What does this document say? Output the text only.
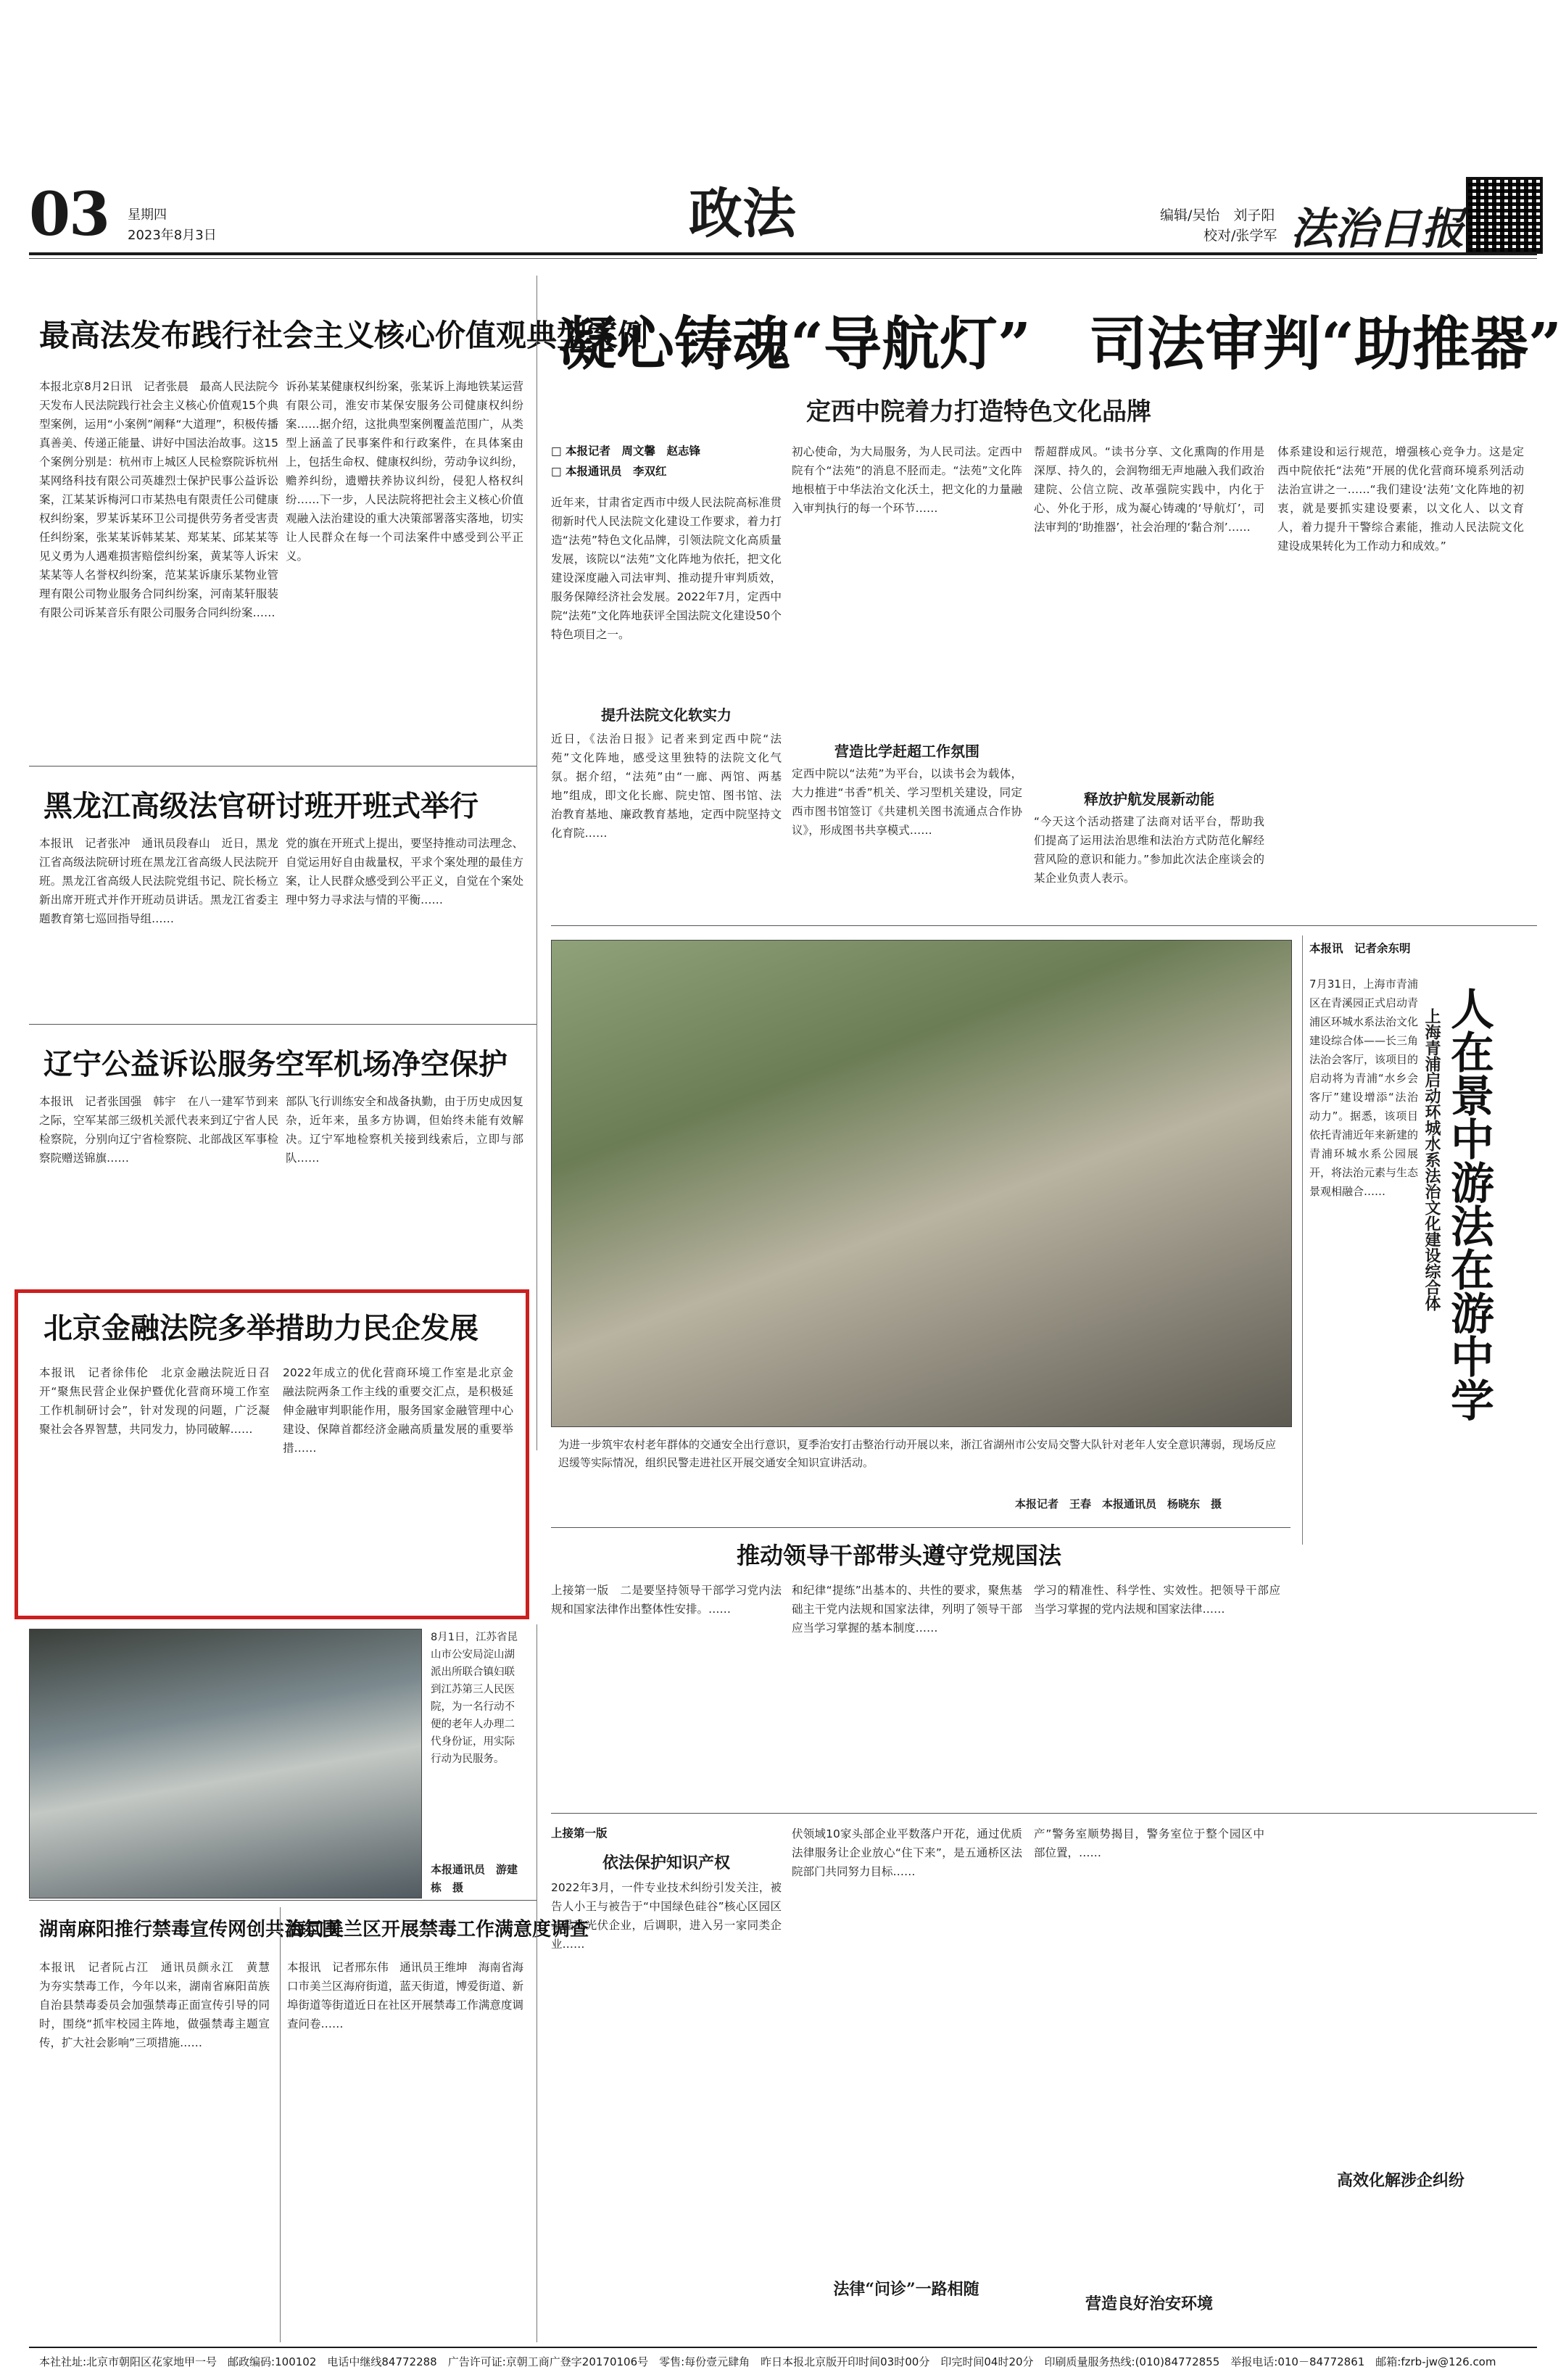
03 星期四
2023年8月3日	政法	编辑/吴怡　刘子阳
校对/张学军 法治日报
最高法发布践行社会主义核心价值观典型案例
本报北京8月2日讯　记者张晨　最高人民法院今天发布人民法院践行社会主义核心价值观15个典型案例，运用“小案例”阐释“大道理”，积极传播真善美、传递正能量、讲好中国法治故事。这15个案例分别是：杭州市上城区人民检察院诉杭州某网络科技有限公司英雄烈士保护民事公益诉讼案，江某某诉梅河口市某热电有限责任公司健康权纠纷案，罗某诉某环卫公司提供劳务者受害责任纠纷案，张某某诉韩某某、郑某某、邱某某等见义勇为人遇难损害赔偿纠纷案，黄某等人诉宋某某等人名誉权纠纷案，范某某诉康乐某物业管理有限公司物业服务合同纠纷案，河南某轩服装有限公司诉某音乐有限公司服务合同纠纷案……
诉孙某某健康权纠纷案，张某诉上海地铁某运营有限公司，淮安市某保安服务公司健康权纠纷案……据介绍，这批典型案例覆盖范围广，从类型上涵盖了民事案件和行政案件，在具体案由上，包括生命权、健康权纠纷，劳动争议纠纷，赡养纠纷，遗赠扶养协议纠纷，侵犯人格权纠纷……下一步，人民法院将把社会主义核心价值观融入法治建设的重大决策部署落实落地，切实让人民群众在每一个司法案件中感受到公平正义。
凝心铸魂“导航灯”　司法审判“助推器”
定西中院着力打造特色文化品牌
□ 本报记者　周文馨　赵志锋
□ 本报通讯员　李双红
近年来，甘肃省定西市中级人民法院高标准贯彻新时代人民法院文化建设工作要求，着力打造“法苑”特色文化品牌，引领法院文化高质量发展，该院以“法苑”文化阵地为依托，把文化建设深度融入司法审判、推动提升审判质效，服务保障经济社会发展。2022年7月，定西中院“法苑”文化阵地获评全国法院文化建设50个特色项目之一。
提升法院文化软实力
近日，《法治日报》记者来到定西中院“法苑”文化阵地，感受这里独特的法院文化气氛。据介绍，“法苑”由“一廊、两馆、两基地”组成，即文化长廊、院史馆、图书馆、法治教育基地、廉政教育基地，定西中院坚持文化育院……
初心使命，为大局服务，为人民司法。定西中院有个“法苑”的消息不胫而走。“法苑”文化阵地根植于中华法治文化沃土，把文化的力量融入审判执行的每一个环节……
营造比学赶超工作氛围
定西中院以“法苑”为平台，以读书会为载体，大力推进“书香”机关、学习型机关建设，同定西市图书馆签订《共建机关图书流通点合作协议》，形成图书共享模式……
帮超群成风。“读书分享、文化熏陶的作用是深厚、持久的，会润物细无声地融入我们政治建院、公信立院、改革强院实践中，内化于心、外化于形，成为凝心铸魂的‘导航灯’，司法审判的‘助推器’，社会治理的‘黏合剂’……
释放护航发展新动能
“今天这个活动搭建了法商对话平台，帮助我们提高了运用法治思维和法治方式防范化解经营风险的意识和能力。”参加此次法企座谈会的某企业负责人表示。
体系建设和运行规范，增强核心竞争力。这是定西中院依托“法苑”开展的优化营商环境系列活动法治宣讲之一……“我们建设‘法苑’文化阵地的初衷，就是要抓实建设要素，以文化人、以文育人，着力提升干警综合素能，推动人民法院文化建设成果转化为工作动力和成效。”
黑龙江高级法官研讨班开班式举行
本报讯　记者张冲　通讯员段春山　近日，黑龙江省高级法院研讨班在黑龙江省高级人民法院开班。黑龙江省高级人民法院党组书记、院长杨立新出席开班式并作开班动员讲话。黑龙江省委主题教育第七巡回指导组……
党的旗在开班式上提出，要坚持推动司法理念、自觉运用好自由裁量权，平求个案处理的最佳方案，让人民群众感受到公平正义，自觉在个案处理中努力寻求法与情的平衡……
辽宁公益诉讼服务空军机场净空保护
本报讯　记者张国强　韩宇　在八一建军节到来之际，空军某部三级机关派代表来到辽宁省人民检察院，分别向辽宁省检察院、北部战区军事检察院赠送锦旗……
部队飞行训练安全和战备执勤，由于历史成因复杂，近年来，虽多方协调，但始终未能有效解决。辽宁军地检察机关接到线索后，立即与部队……
北京金融法院多举措助力民企发展
本报讯　记者徐伟伦　北京金融法院近日召开“聚焦民营企业保护暨优化营商环境工作室工作机制研讨会”，针对发现的问题，广泛凝聚社会各界智慧，共同发力，协同破解……
2022年成立的优化营商环境工作室是北京金融法院两条工作主线的重要交汇点，是积极延伸金融审判职能作用，服务国家金融管理中心建设、保障首都经济金融高质量发展的重要举措……	为进一步筑牢农村老年群体的交通安全出行意识，夏季治安打击整治行动开展以来，浙江省湖州市公安局交警大队针对老年人安全意识薄弱，现场反应迟缓等实际情况，组织民警走进社区开展交通安全知识宣讲活动。
本报记者　王春　本报通讯员　杨晓东　摄
本报讯　记者余东明
7月31日，上海市青浦区在青溪园正式启动青浦区环城水系法治文化建设综合体——长三角法治会客厅，该项目的启动将为青浦“水乡会客厅”建设增添“法治动力”。据悉，该项目依托青浦近年来新建的青浦环城水系公园展开，将法治元素与生态景观相融合……	人在景中游法在游中学
上海青浦启动环城水系法治文化建设综合体
推动领导干部带头遵守党规国法
上接第一版　二是要坚持领导干部学习党内法规和国家法律作出整体性安排。……
和纪律“提练”出基本的、共性的要求，聚焦基础主干党内法规和国家法律，列明了领导干部应当学习掌握的基本制度……
学习的精准性、科学性、实效性。把领导干部应当学习掌握的党内法规和国家法律……
8月1日，江苏省昆山市公安局淀山湖派出所联合镇妇联到江苏第三人民医院，为一名行动不便的老年人办理二代身份证，用实际行动为民服务。
本报通讯员　游建栋　摄
上接第一版
依法保护知识产权
2022年3月，一件专业技术纠纷引发关注，被告人小王与被告于“中国绿色硅谷”核心区园区某晶硅光伏企业，后调职，进入另一家同类企业……
伏领域10家头部企业平数落户开花，通过优质法律服务让企业放心“住下来”，是五通桥区法院部门共同努力目标……
法律“问诊”一路相随
产”警务室顺势揭目，警务室位于整个园区中部位置，……
营造良好治安环境
高效化解涉企纠纷
湖南麻阳推行禁毒宣传网创共治氛围
本报讯　记者阮占江　通讯员颜永江　黄慧　为夯实禁毒工作，今年以来，湖南省麻阳苗族自治县禁毒委员会加强禁毒正面宣传引导的同时，围绕“抓牢校园主阵地，做强禁毒主题宣传，扩大社会影响”三项措施……
海口美兰区开展禁毒工作满意度调查
本报讯　记者邢东伟　通讯员王维坤　海南省海口市美兰区海府街道，蓝天街道，博爱街道、新埠街道等街道近日在社区开展禁毒工作满意度调查问卷……
本社社址:北京市朝阳区花家地甲一号　邮政编码:100102　电话中继线84772288　广告许可证:京朝工商广登字20170106号　零售:每份壹元肆角　昨日本报北京版开印时间03时00分　印完时间04时20分　印刷质量服务热线:(010)84772855　举报电话:010－84772861　邮箱:fzrb-jw@126.com
